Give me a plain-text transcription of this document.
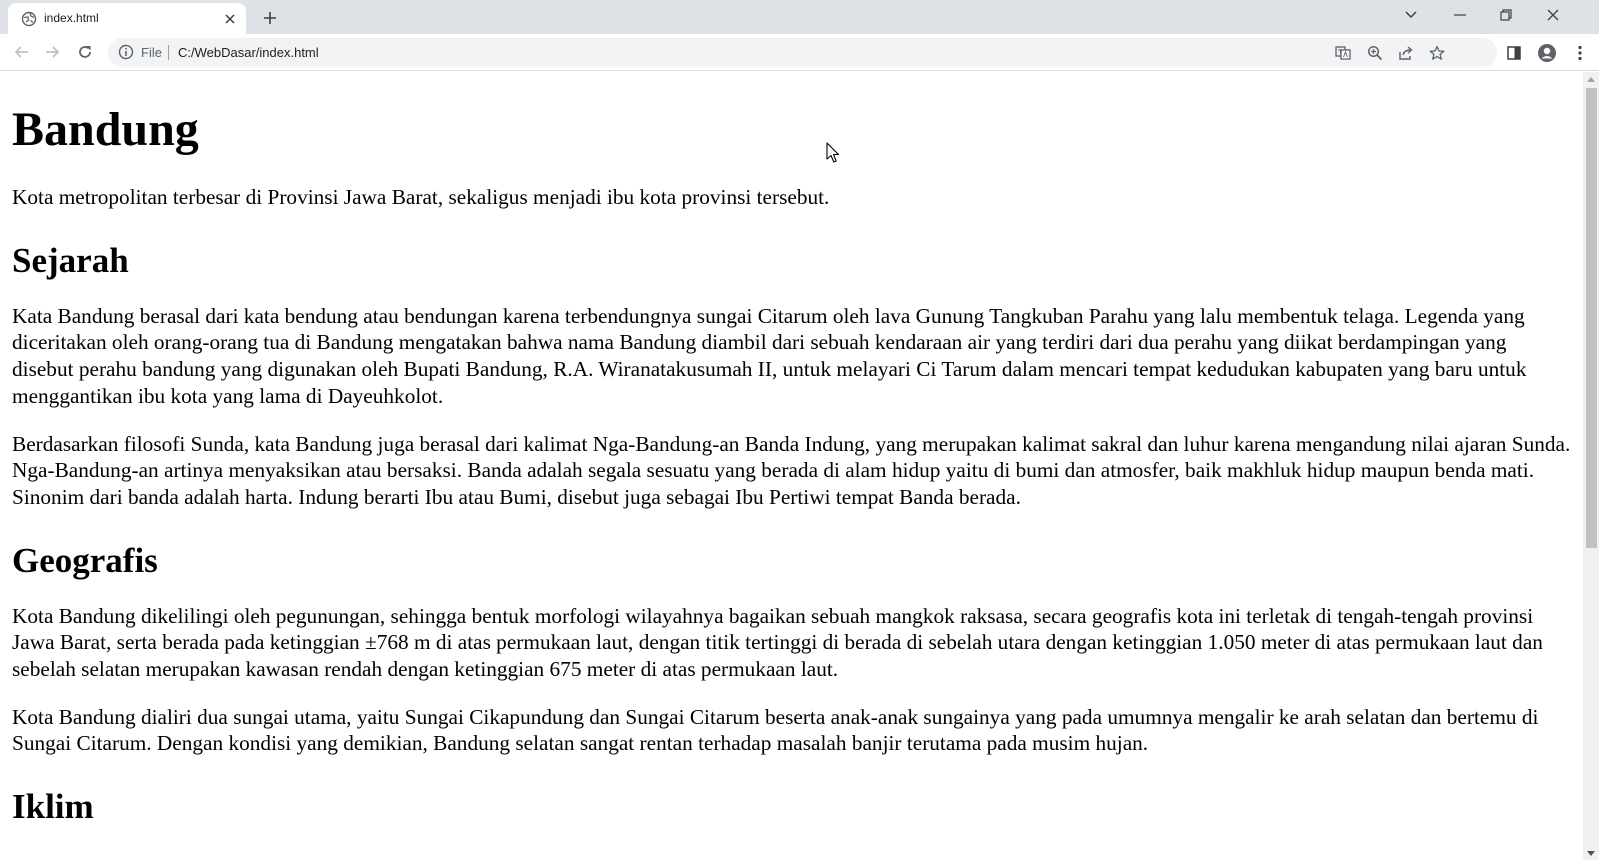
index.html
File C:/WebDasar/index.html
Bandung

Kota metropolitan terbesar di Provinsi Jawa Barat, sekaligus menjadi ibu kota provinsi tersebut.

Sejarah

Kata Bandung berasal dari kata bendung atau bendungan karena terbendungnya sungai Citarum oleh lava Gunung Tangkuban Parahu yang lalu membentuk telaga. Legenda yang diceritakan oleh orang-orang tua di Bandung mengatakan bahwa nama Bandung diambil dari sebuah kendaraan air yang terdiri dari dua perahu yang diikat berdampingan yang disebut perahu bandung yang digunakan oleh Bupati Bandung, R.A. Wiranatakusumah II, untuk melayari Ci Tarum dalam mencari tempat kedudukan kabupaten yang baru untuk menggantikan ibu kota yang lama di Dayeuhkolot.

Berdasarkan filosofi Sunda, kata Bandung juga berasal dari kalimat Nga-Bandung-an Banda Indung, yang merupakan kalimat sakral dan luhur karena mengandung nilai ajaran Sunda. Nga-Bandung-an artinya menyaksikan atau bersaksi. Banda adalah segala sesuatu yang berada di alam hidup yaitu di bumi dan atmosfer, baik makhluk hidup maupun benda mati. Sinonim dari banda adalah harta. Indung berarti Ibu atau Bumi, disebut juga sebagai Ibu Pertiwi tempat Banda berada.

Geografis

Kota Bandung dikelilingi oleh pegunungan, sehingga bentuk morfologi wilayahnya bagaikan sebuah mangkok raksasa, secara geografis kota ini terletak di tengah-tengah provinsi Jawa Barat, serta berada pada ketinggian ±768 m di atas permukaan laut, dengan titik tertinggi di berada di sebelah utara dengan ketinggian 1.050 meter di atas permukaan laut dan sebelah selatan merupakan kawasan rendah dengan ketinggian 675 meter di atas permukaan laut.

Kota Bandung dialiri dua sungai utama, yaitu Sungai Cikapundung dan Sungai Citarum beserta anak-anak sungainya yang pada umumnya mengalir ke arah selatan dan bertemu di Sungai Citarum. Dengan kondisi yang demikian, Bandung selatan sangat rentan terhadap masalah banjir terutama pada musim hujan.

Iklim
